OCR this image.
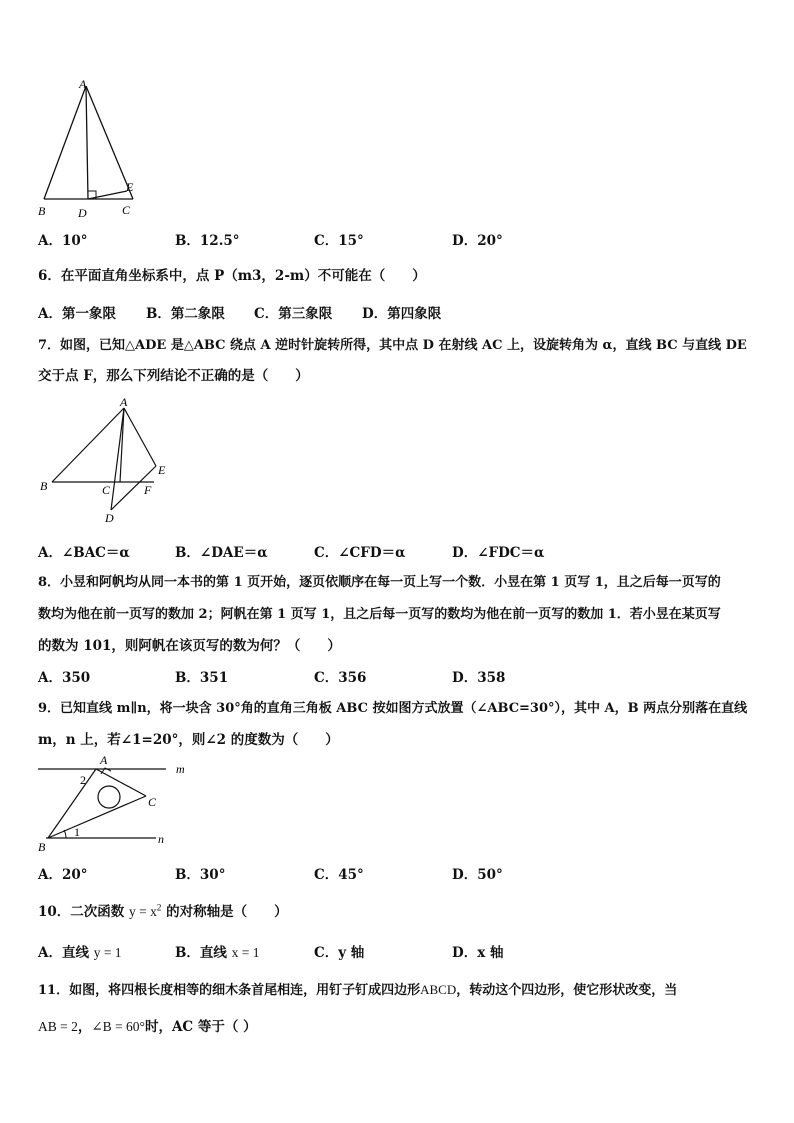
A
B	C
D
E
A．10°	B．12.5°	C．15°	D．20°
6．在平面直角坐标系中，点 P（m3，2-m）不可能在（　　）
A．第一象限 B．第二象限 C．第三象限 D．第四象限
7．如图，已知△ADE 是△ABC 绕点 A 逆时针旋转所得，其中点 D 在射线 AC 上，设旋转角为 α，直线 BC 与直线 DE
交于点 F，那么下列结论不正确的是（　　）
A
B	C
D
E
F
A．∠BAC＝α	B．∠DAE＝α	C．∠CFD＝α	D．∠FDC＝α
8．小昱和阿帆均从同一本书的第 1 页开始，逐页依顺序在每一页上写一个数．小昱在第 1 页写 1，且之后每一页写的
数均为他在前一页写的数加 2；阿帆在第 1 页写 1，且之后每一页写的数均为他在前一页写的数加 1．若小昱在某页写
的数为 101，则阿帆在该页写的数为何？（　　）
A．350	B．351	C．356	D．358
9．已知直线 m∥n，将一块含 30°角的直角三角板 ABC 按如图方式放置（∠ABC=30°），其中 A，B 两点分别落在直线
m，n 上，若∠1=20°，则∠2 的度数为（　　）
A
2
m
C
1	n
B
A．20°	B．30°	C．45°	D．50°
10．二次函数 $y = x^2$ 的对称轴是（　　）
A．直线 y = 1	B．直线 x = 1	C．y 轴	D．x 轴
11．如图，将四根长度相等的细木条首尾相连，用钉子钉成四边形ABCD，转动这个四边形，使它形状改变，当
AB = 2，∠B = 60°时，AC 等于（ ）
